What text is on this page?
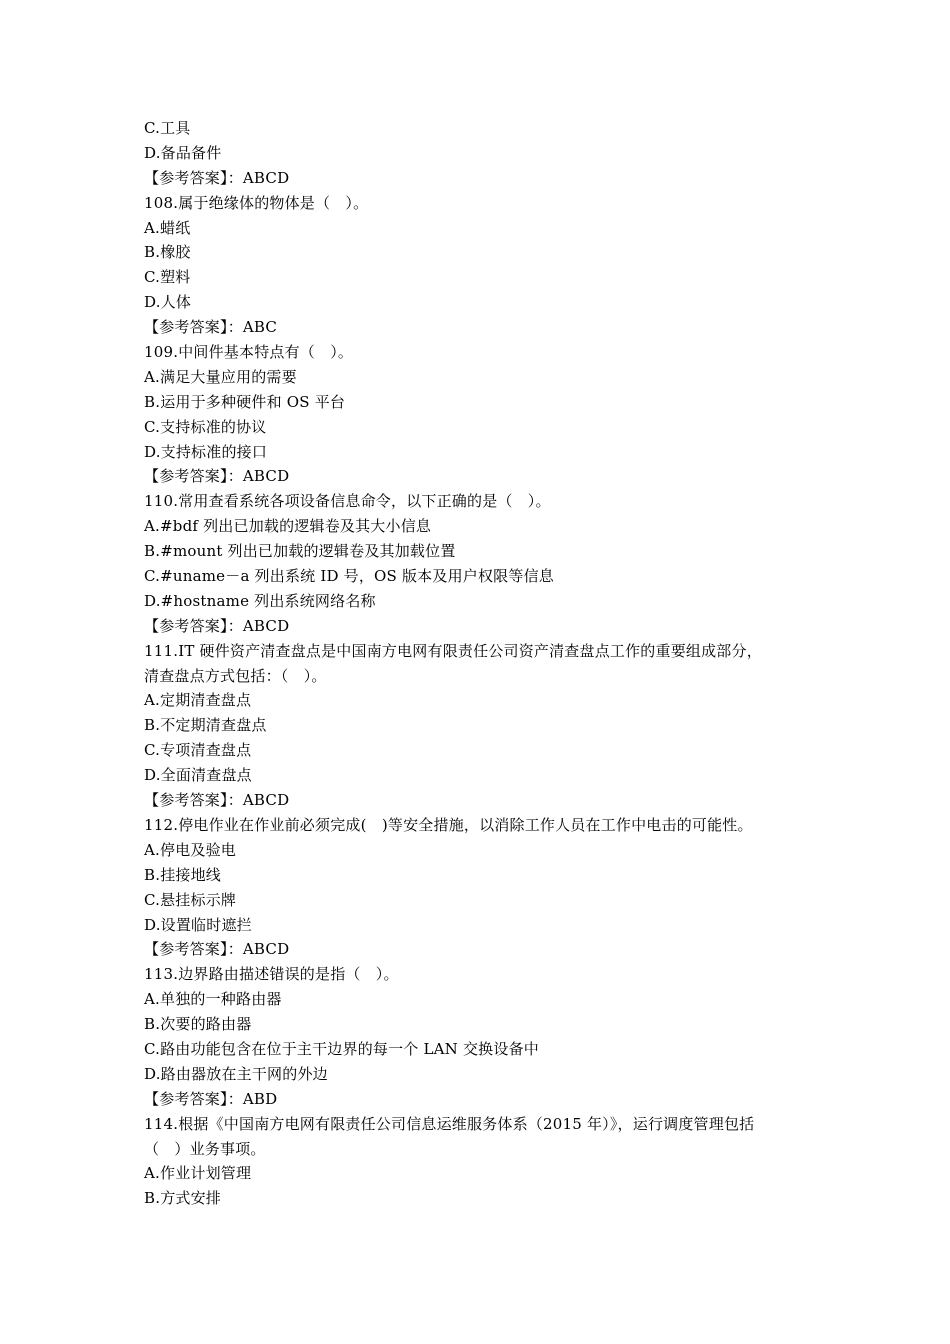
C.工具
D.备品备件
【参考答案】：ABCD
108.属于绝缘体的物体是（　）。
A.蜡纸
B.橡胶
C.塑料
D.人体
【参考答案】：ABC
109.中间件基本特点有（　）。
A.满足大量应用的需要
B.运用于多种硬件和 OS 平台
C.支持标准的协议
D.支持标准的接口
【参考答案】：ABCD
110.常用查看系统各项设备信息命令，以下正确的是（　）。
A.#bdf 列出已加载的逻辑卷及其大小信息
B.#mount 列出已加载的逻辑卷及其加载位置
C.#uname－a 列出系统 ID 号，OS 版本及用户权限等信息
D.#hostname 列出系统网络名称
【参考答案】：ABCD
111.IT 硬件资产清查盘点是中国南方电网有限责任公司资产清查盘点工作的重要组成部分，
清查盘点方式包括：（　）。
A.定期清查盘点
B.不定期清查盘点
C.专项清查盘点
D.全面清查盘点
【参考答案】：ABCD
112.停电作业在作业前必须完成(　)等安全措施，以消除工作人员在工作中电击的可能性。
A.停电及验电
B.挂接地线
C.悬挂标示牌
D.设置临时遮拦
【参考答案】：ABCD
113.边界路由描述错误的是指（　）。
A.单独的一种路由器
B.次要的路由器
C.路由功能包含在位于主干边界的每一个 LAN 交换设备中
D.路由器放在主干网的外边
【参考答案】：ABD
114.根据《中国南方电网有限责任公司信息运维服务体系（2015 年）》，运行调度管理包括
（　）业务事项。
A.作业计划管理
B.方式安排
